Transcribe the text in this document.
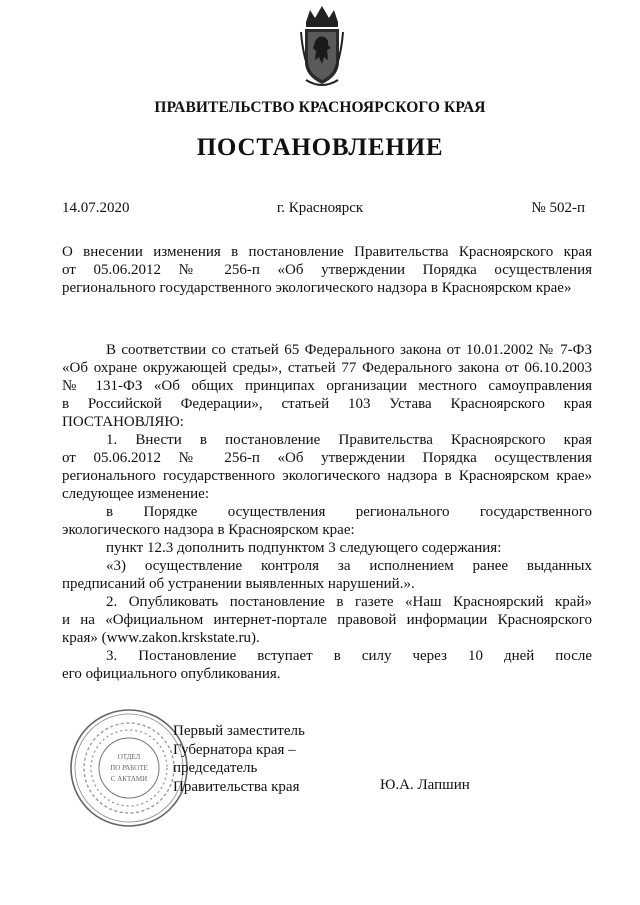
ПРАВИТЕЛЬСТВО КРАСНОЯРСКОГО КРАЯ
ПОСТАНОВЛЕНИЕ
14.07.2020	г. Красноярск	№ 502-п
О внесении изменения в постановление Правительства Красноярского края
от 05.06.2012 № 256-п «Об утверждении Порядка осуществления
регионального государственного экологического надзора в Красноярском крае»
В соответствии со статьей 65 Федерального закона от 10.01.2002 № 7-ФЗ
«Об охране окружающей среды», статьей 77 Федерального закона от 06.10.2003
№ 131-ФЗ «Об общих принципах организации местного самоуправления
в Российской Федерации», статьей 103 Устава Красноярского края
ПОСТАНОВЛЯЮ:
1. Внести в постановление Правительства Красноярского края
от 05.06.2012 № 256-п «Об утверждении Порядка осуществления
регионального государственного экологического надзора в Красноярском крае»
следующее изменение:
в Порядке осуществления регионального государственного
экологического надзора в Красноярском крае:
пункт 12.3 дополнить подпунктом 3 следующего содержания:
«3) осуществление контроля за исполнением ранее выданных
предписаний об устранении выявленных нарушений.».
2. Опубликовать постановление в газете «Наш Красноярский край»
и на «Официальном интернет-портале правовой информации Красноярского
края» (www.zakon.krskstate.ru).
3. Постановление вступает в силу через 10 дней после
его официального опубликования.
ОТДЕЛ
ПО РАБОТЕ
С АКТАМИ
Первый заместитель
Губернатора края –
председатель
Правительства края	Ю.А. Лапшин
